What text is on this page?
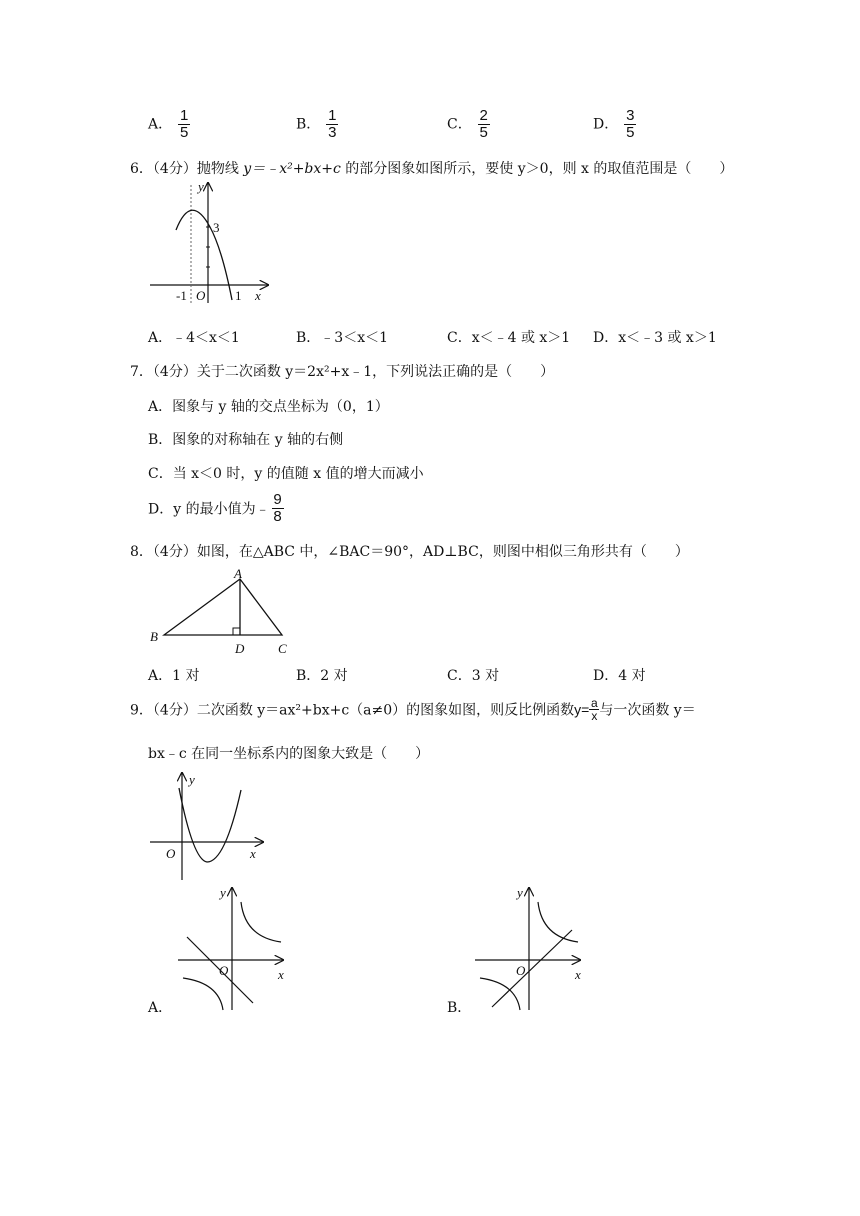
A． $\frac{1}{5}$	B． $\frac{1}{3}$	C． $\frac{2}{5}$	D． $\frac{3}{5}$
6．（4分）抛物线 y＝﹣x²+bx+c 的部分图象如图所示，要使 y＞0，则 x 的取值范围是（　　）
y
3
-1 O 1 x
A．﹣4＜x＜1	B．﹣3＜x＜1	C．x＜﹣4 或 x＞1 D．x＜﹣3 或 x＞1
7．（4分）关于二次函数 y＝2x²+x﹣1，下列说法正确的是（　　）
A．图象与 y 轴的交点坐标为（0，1）
B．图象的对称轴在 y 轴的右侧
C．当 x＜0 时，y 的值随 x 值的增大而减小
D．y 的最小值为﹣ $\frac{9}{8}$
8．（4分）如图，在△ABC 中，∠BAC＝90°，AD⊥BC，则图中相似三角形共有（　　）
A
B
D	C
A．1 对	B．2 对	C．3 对	D．4 对
9．（4分）二次函数 y＝ax²+bx+c（a≠0）的图象如图，则反比例函数$y= \frac{a}{x}$ 与一次函数 y＝
bx﹣c 在同一坐标系内的图象大致是（　　）
y
O	x
y
O	x
A．
y
O	x
B．
